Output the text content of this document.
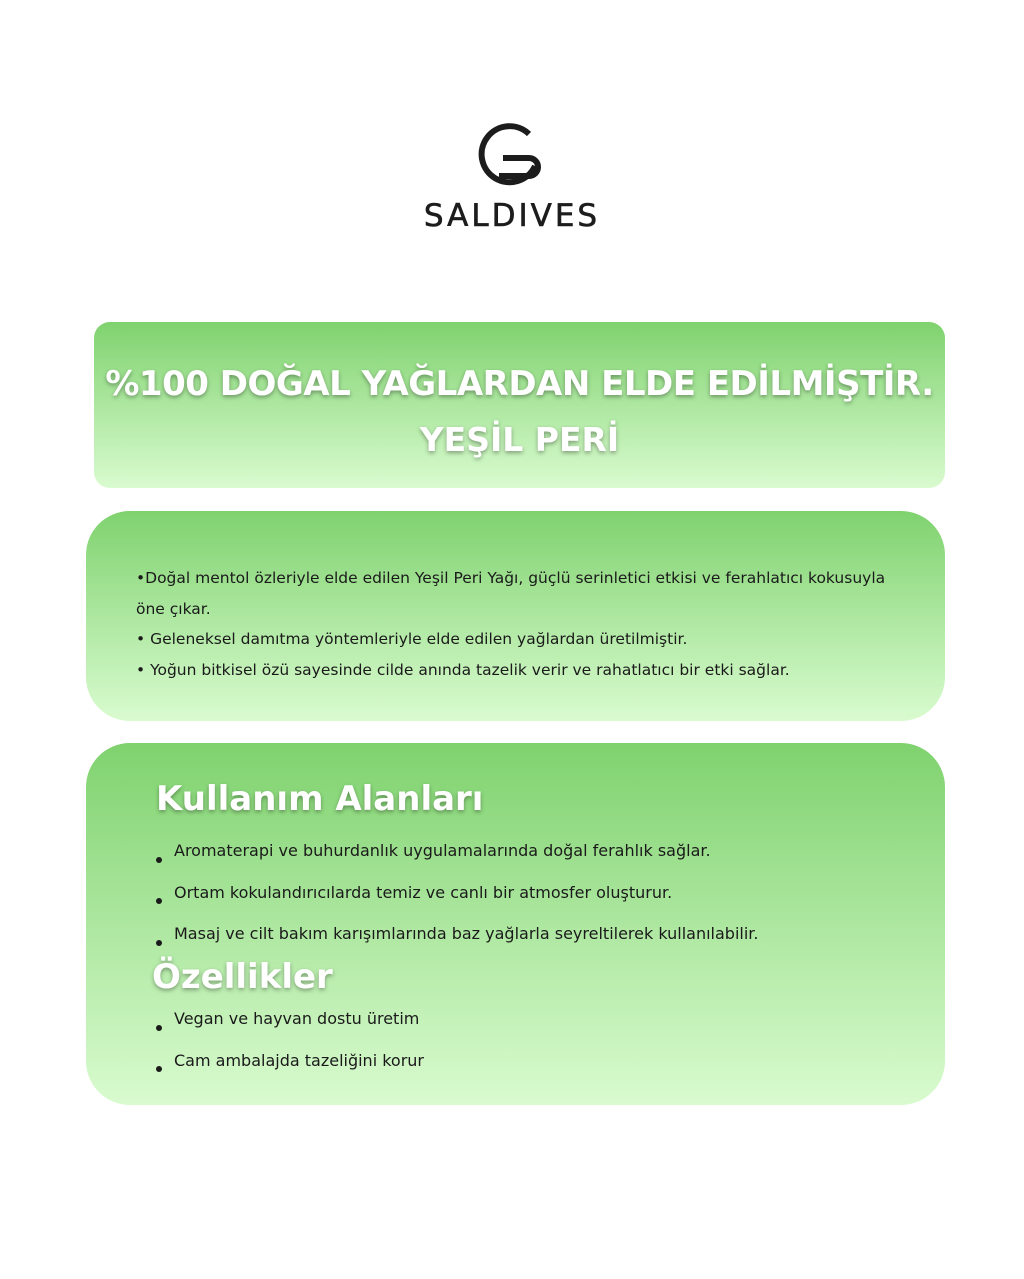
SALDIVES
%100 DOĞAL YAĞLARDAN ELDE EDİLMİŞTİR.
YEŞİL PERİ
•Doğal mentol özleriyle elde edilen Yeşil Peri Yağı, güçlü serinletici etkisi ve ferahlatıcı kokusuyla öne çıkar.
• Geleneksel damıtma yöntemleriyle elde edilen yağlardan üretilmiştir.
• Yoğun bitkisel özü sayesinde cilde anında tazelik verir ve rahatlatıcı bir etki sağlar.
Kullanım Alanları
Aromaterapi ve buhurdanlık uygulamalarında doğal ferahlık sağlar.
Ortam kokulandırıcılarda temiz ve canlı bir atmosfer oluşturur.
Masaj ve cilt bakım karışımlarında baz yağlarla seyreltilerek kullanılabilir.
Özellikler
Vegan ve hayvan dostu üretim
Cam ambalajda tazeliğini korur
